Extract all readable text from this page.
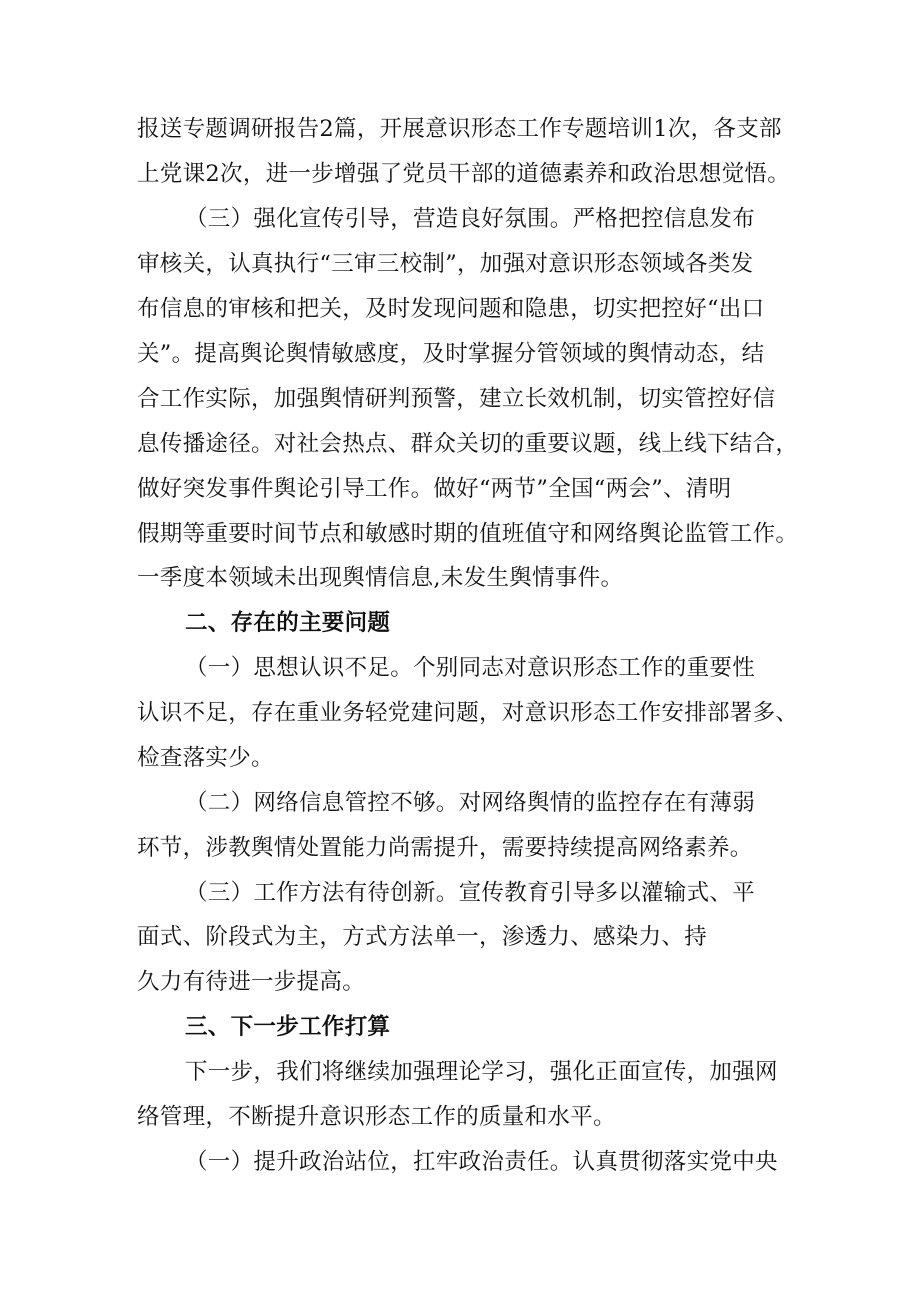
报送专题调研报告2篇，开展意识形态工作专题培训1次，各支部
上党课2次，进一步增强了党员干部的道德素养和政治思想觉悟。
（三）强化宣传引导，营造良好氛围。严格把控信息发布
审核关，认真执行“三审三校制”，加强对意识形态领域各类发
布信息的审核和把关，及时发现问题和隐患，切实把控好“出口
关”。提高舆论舆情敏感度，及时掌握分管领域的舆情动态，结
合工作实际，加强舆情研判预警，建立长效机制，切实管控好信
息传播途径。对社会热点、群众关切的重要议题，线上线下结合，
做好突发事件舆论引导工作。做好“两节”全国“两会”、清明
假期等重要时间节点和敏感时期的值班值守和网络舆论监管工作。
一季度本领域未出现舆情信息,未发生舆情事件。
二、存在的主要问题
（一）思想认识不足。个别同志对意识形态工作的重要性
认识不足，存在重业务轻党建问题，对意识形态工作安排部署多、
检查落实少。
（二）网络信息管控不够。对网络舆情的监控存在有薄弱
环节，涉教舆情处置能力尚需提升，需要持续提高网络素养。
（三）工作方法有待创新。宣传教育引导多以灌输式、平
面式、阶段式为主，方式方法单一，渗透力、感染力、持
久力有待进一步提高。
三、下一步工作打算
下一步，我们将继续加强理论学习，强化正面宣传，加强网
络管理，不断提升意识形态工作的质量和水平。
（一）提升政治站位，扛牢政治责任。认真贯彻落实党中央
